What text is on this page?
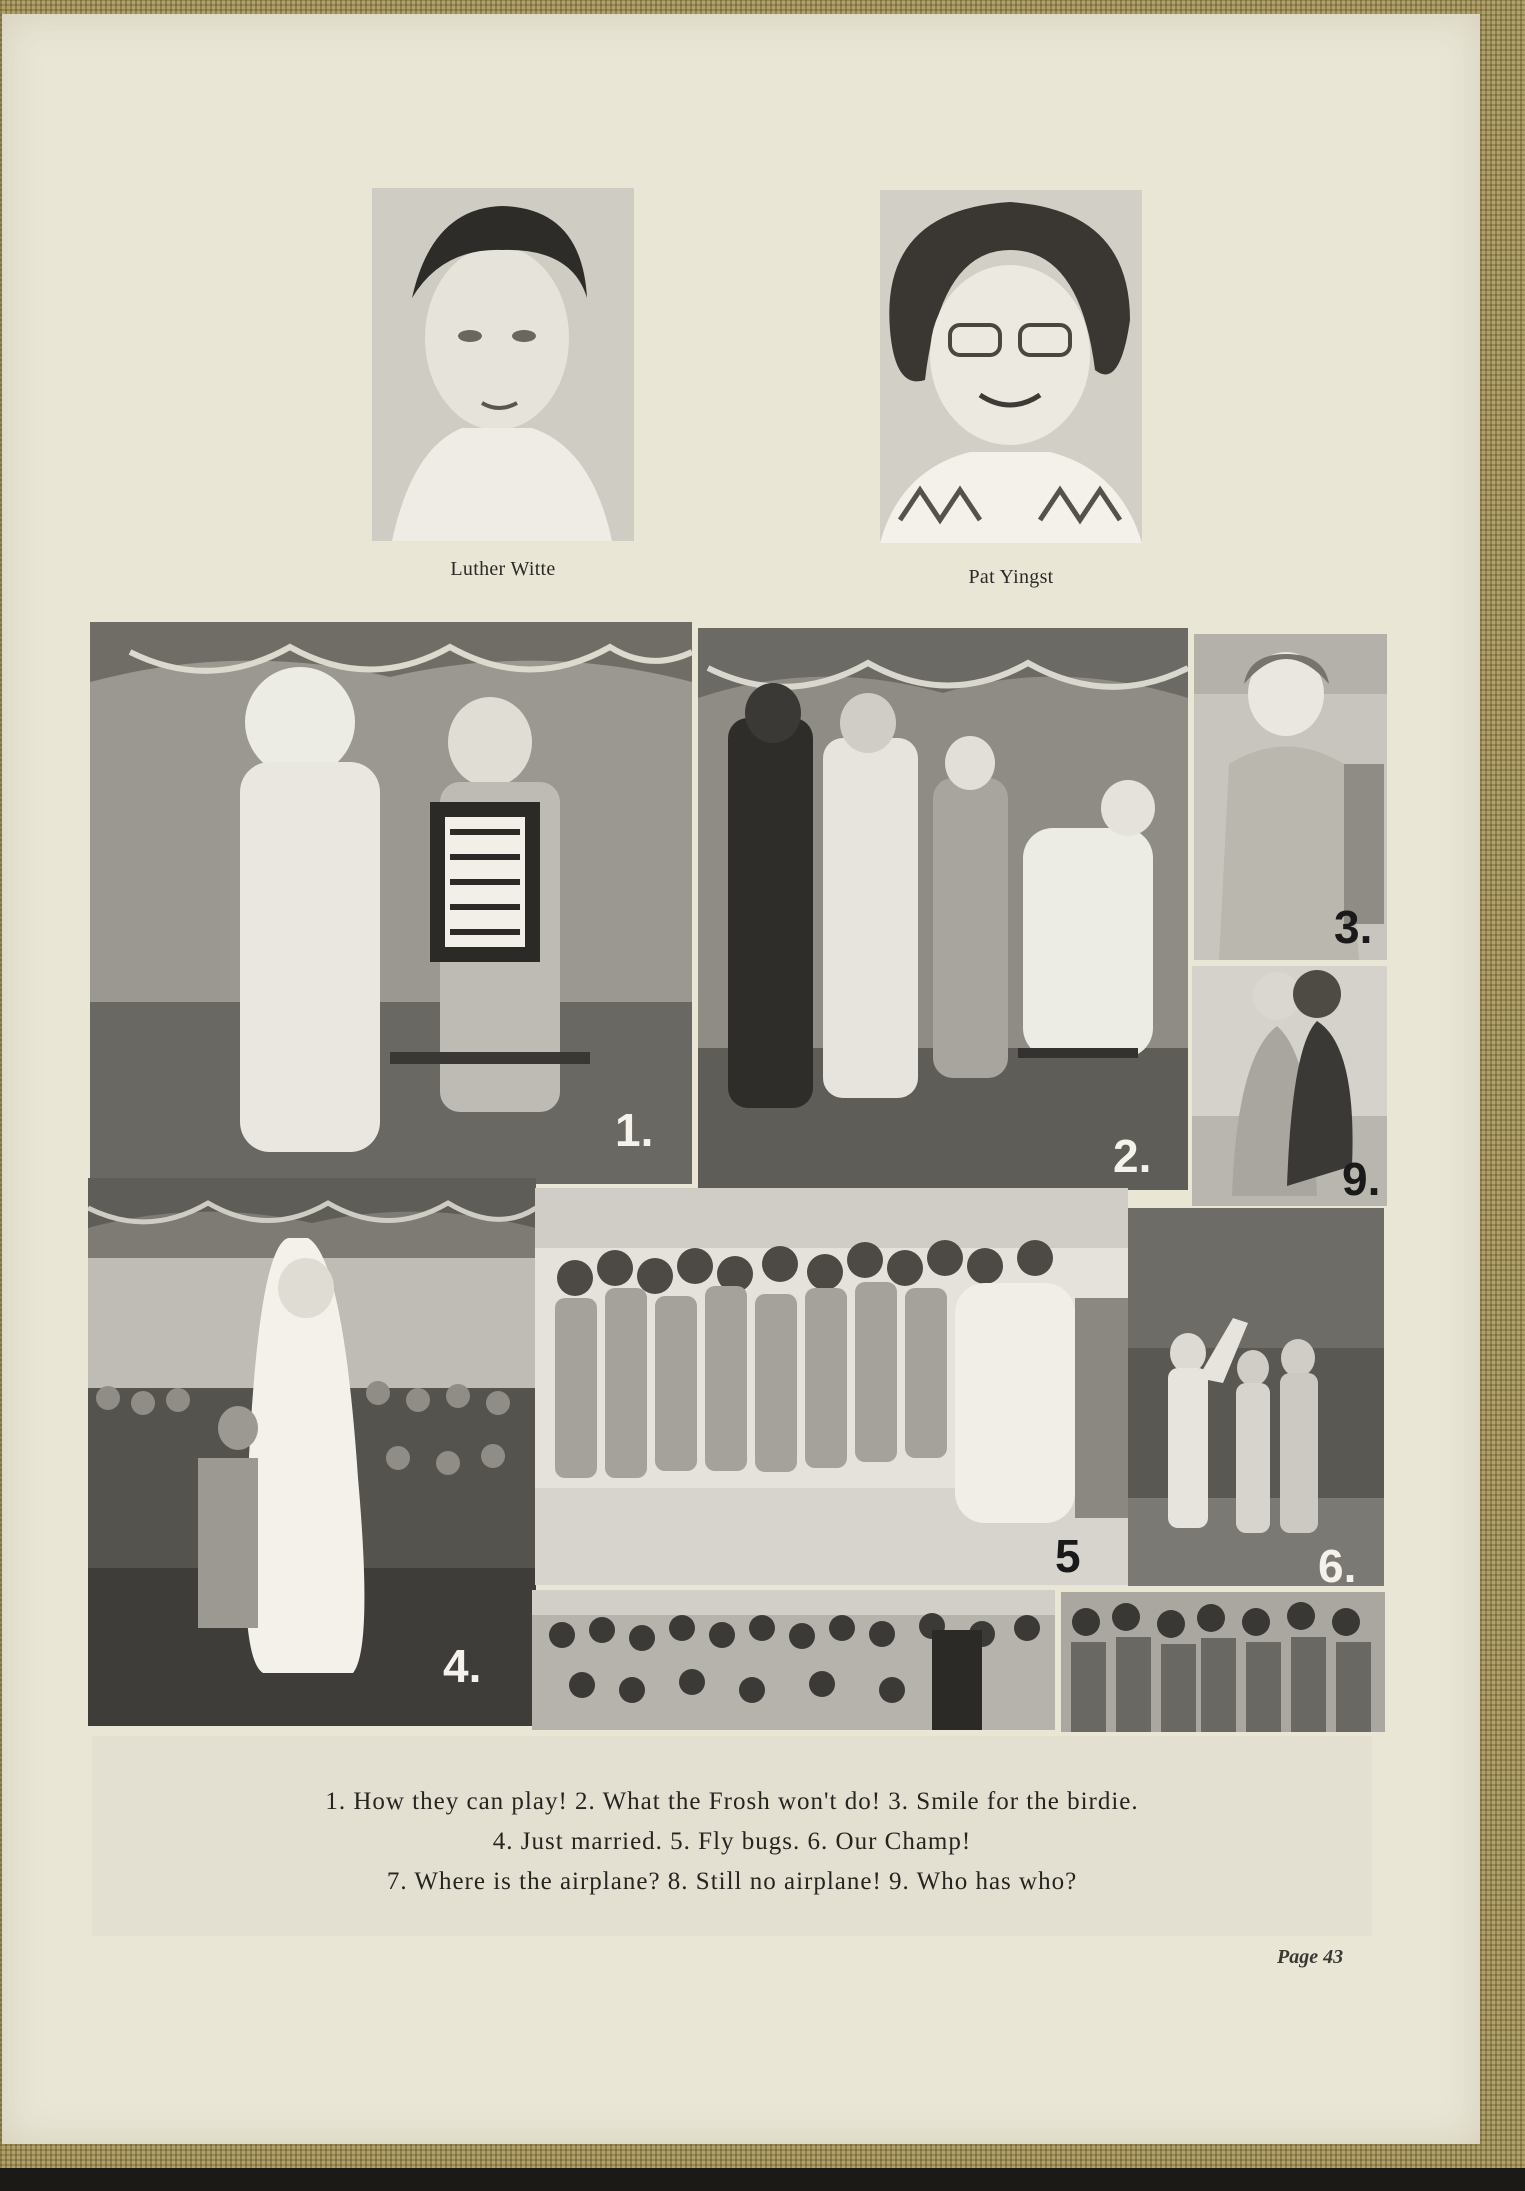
Luther Witte	Pat Yingst
1.	2.
3.
9.
4.
5	6.
1. How they can play! 2. What the Frosh won't do! 3. Smile for the birdie.
4. Just married. 5. Fly bugs. 6. Our Champ!
7. Where is the airplane? 8. Still no airplane! 9. Who has who?
Page 43
